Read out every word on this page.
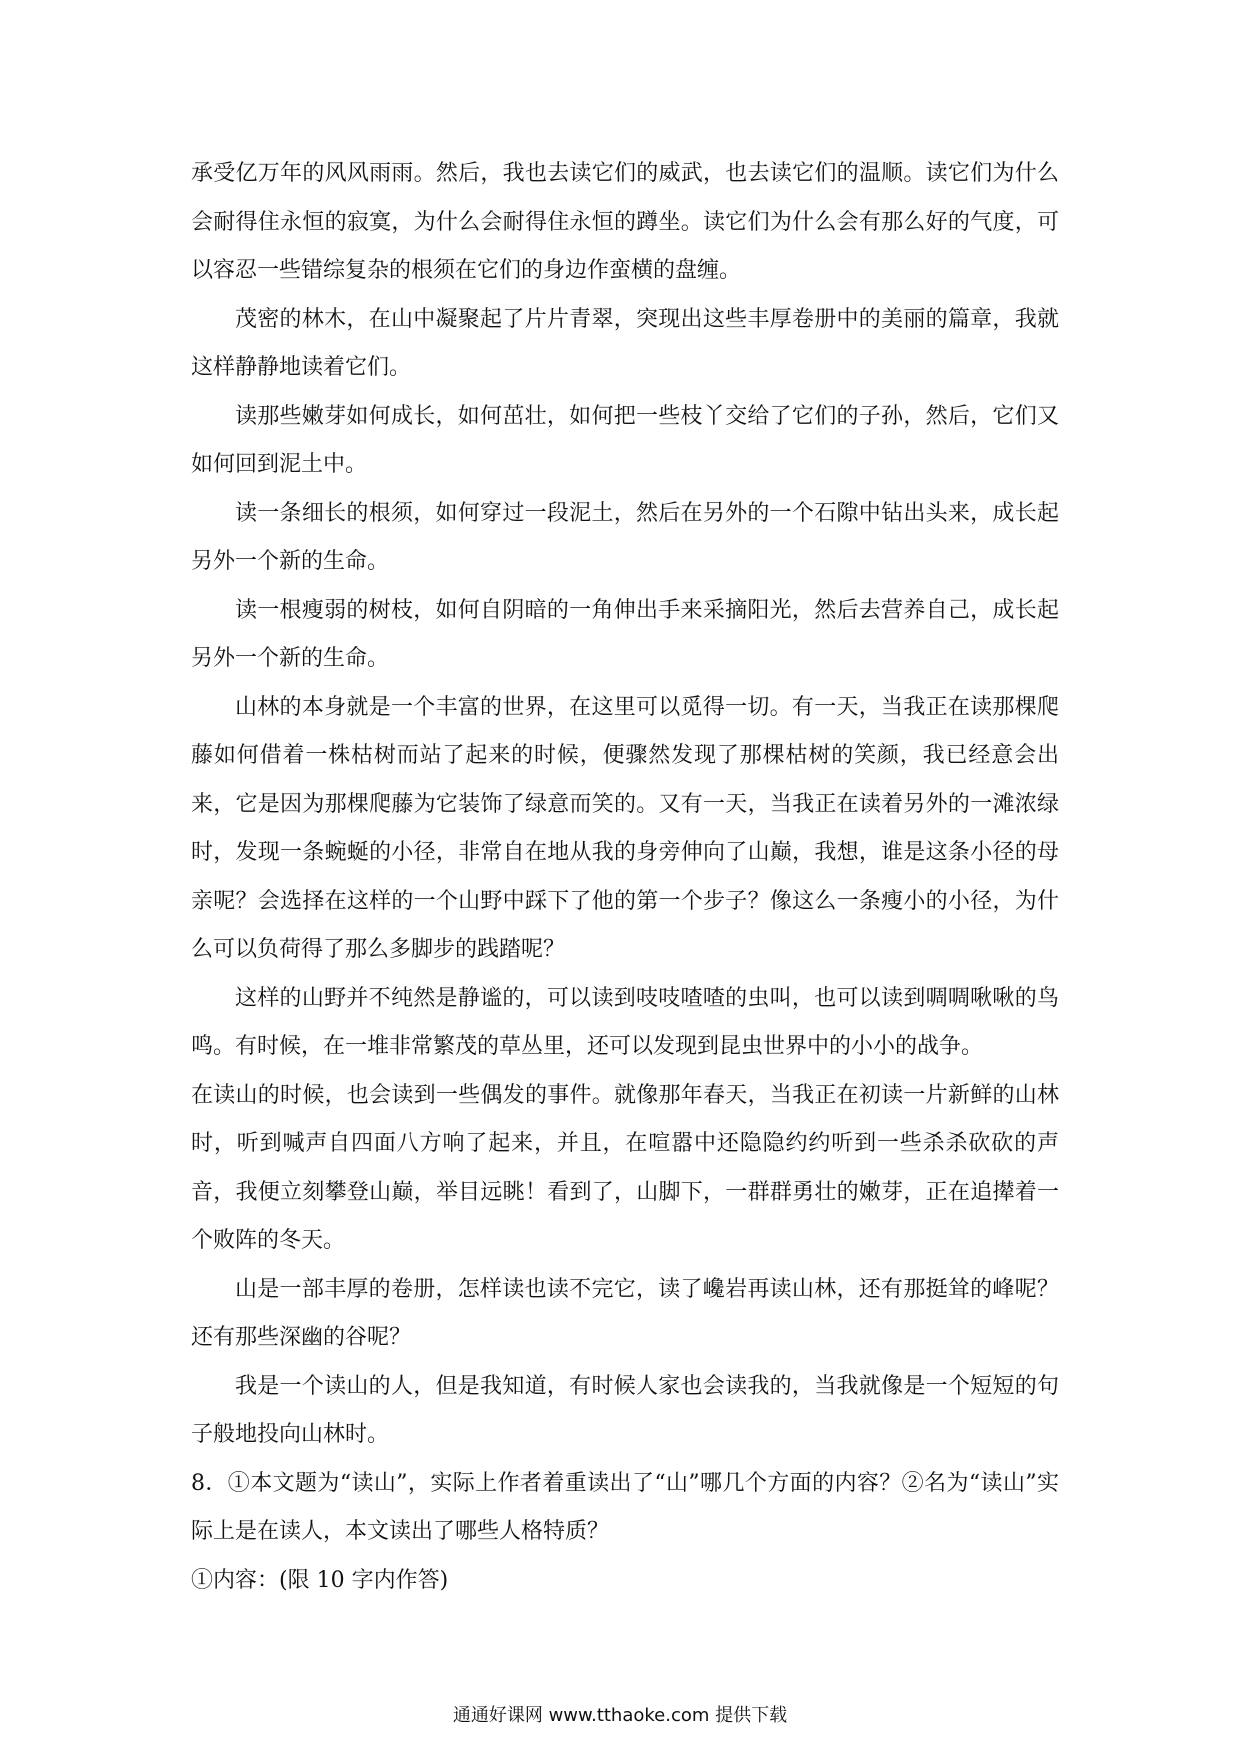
承受亿万年的风风雨雨。然后，我也去读它们的威武，也去读它们的温顺。读它们为什么会耐得住永恒的寂寞，为什么会耐得住永恒的蹲坐。读它们为什么会有那么好的气度，可以容忍一些错综复杂的根须在它们的身边作蛮横的盘缠。

茂密的林木，在山中凝聚起了片片青翠，突现出这些丰厚卷册中的美丽的篇章，我就这样静静地读着它们。

读那些嫩芽如何成长，如何茁壮，如何把一些枝丫交给了它们的子孙，然后，它们又如何回到泥土中。

读一条细长的根须，如何穿过一段泥土，然后在另外的一个石隙中钻出头来，成长起另外一个新的生命。

读一根瘦弱的树枝，如何自阴暗的一角伸出手来采摘阳光，然后去营养自己，成长起另外一个新的生命。

山林的本身就是一个丰富的世界，在这里可以觅得一切。有一天，当我正在读那棵爬藤如何借着一株枯树而站了起来的时候，便骤然发现了那棵枯树的笑颜，我已经意会出来，它是因为那棵爬藤为它装饰了绿意而笑的。又有一天，当我正在读着另外的一滩浓绿时，发现一条蜿蜒的小径，非常自在地从我的身旁伸向了山巅，我想，谁是这条小径的母亲呢？会选择在这样的一个山野中踩下了他的第一个步子？像这么一条瘦小的小径，为什么可以负荷得了那么多脚步的践踏呢？

这样的山野并不纯然是静谧的，可以读到吱吱喳喳的虫叫，也可以读到啁啁啾啾的鸟鸣。有时候，在一堆非常繁茂的草丛里，还可以发现到昆虫世界中的小小的战争。

在读山的时候，也会读到一些偶发的事件。就像那年春天，当我正在初读一片新鲜的山林时，听到喊声自四面八方响了起来，并且，在喧嚣中还隐隐约约听到一些杀杀砍砍的声音，我便立刻攀登山巅，举目远眺！看到了，山脚下，一群群勇壮的嫩芽，正在追撵着一个败阵的冬天。

山是一部丰厚的卷册，怎样读也读不完它，读了巉岩再读山林，还有那挺耸的峰呢？还有那些深幽的谷呢？

我是一个读山的人，但是我知道，有时候人家也会读我的，当我就像是一个短短的句子般地投向山林时。

8．①本文题为“读山”，实际上作者着重读出了“山”哪几个方面的内容？②名为“读山”实际上是在读人，本文读出了哪些人格特质？

①内容：(限 10 字内作答)

通通好课网 www.tthaoke.com 提供下载
